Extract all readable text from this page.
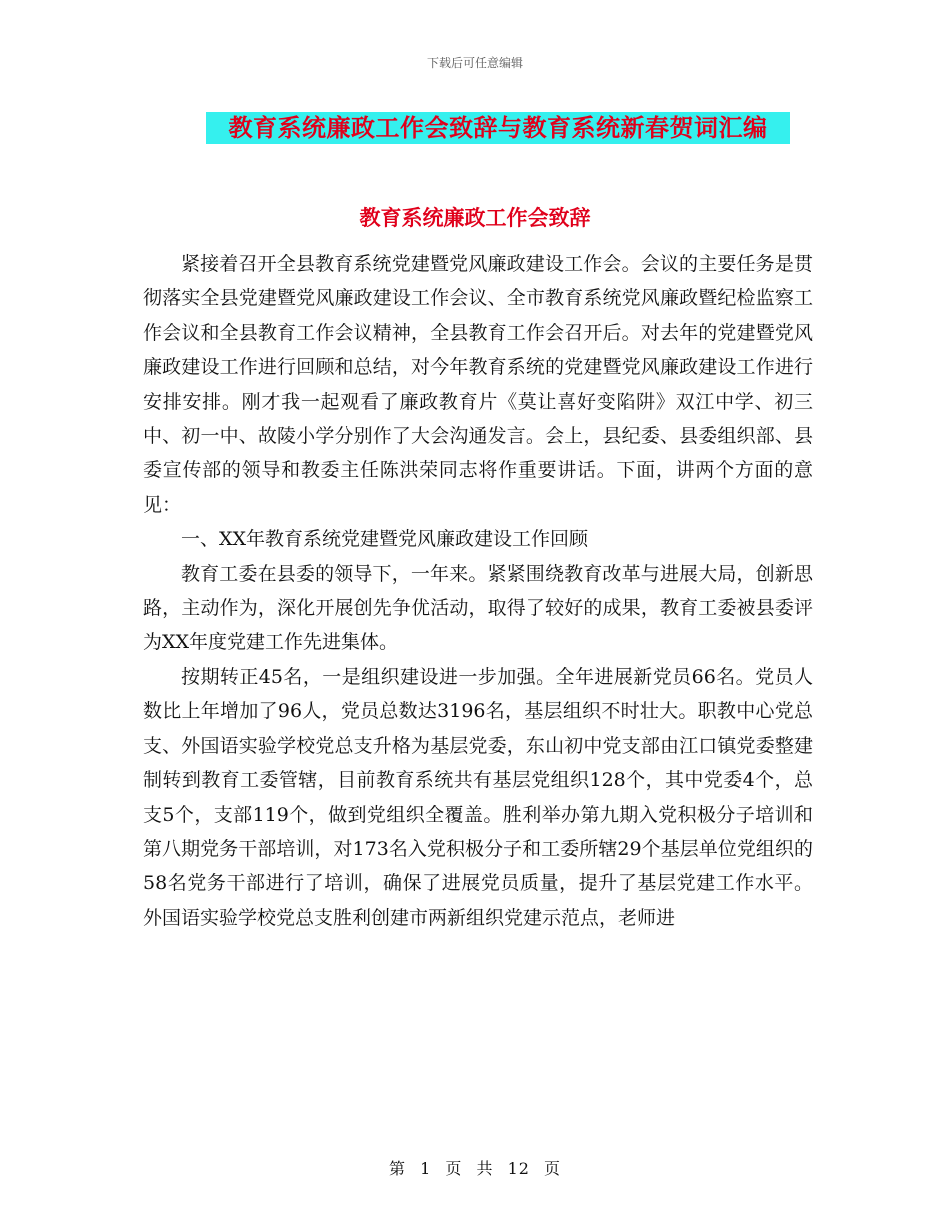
下载后可任意编辑
教育系统廉政工作会致辞与教育系统新春贺词汇编
教育系统廉政工作会致辞

紧接着召开全县教育系统党建暨党风廉政建设工作会。会议的主要任务是贯彻落实全县党建暨党风廉政建设工作会议、全市教育系统党风廉政暨纪检监察工作会议和全县教育工作会议精神，全县教育工作会召开后。对去年的党建暨党风廉政建设工作进行回顾和总结，对今年教育系统的党建暨党风廉政建设工作进行安排安排。刚才我一起观看了廉政教育片《莫让喜好变陷阱》双江中学、初三中、初一中、故陵小学分别作了大会沟通发言。会上，县纪委、县委组织部、县委宣传部的领导和教委主任陈洪荣同志将作重要讲话。下面，讲两个方面的意见：

一、XX年教育系统党建暨党风廉政建设工作回顾

教育工委在县委的领导下，一年来。紧紧围绕教育改革与进展大局，创新思路，主动作为，深化开展创先争优活动，取得了较好的成果，教育工委被县委评为XX年度党建工作先进集体。

按期转正45名，一是组织建设进一步加强。全年进展新党员66名。党员人数比上年增加了96人，党员总数达3196名，基层组织不时壮大。职教中心党总支、外国语实验学校党总支升格为基层党委，东山初中党支部由江口镇党委整建制转到教育工委管辖，目前教育系统共有基层党组织128个，其中党委4个，总支5个，支部119个，做到党组织全覆盖。胜利举办第九期入党积极分子培训和第八期党务干部培训，对173名入党积极分子和工委所辖29个基层单位党组织的58名党务干部进行了培训，确保了进展党员质量，提升了基层党建工作水平。外国语实验学校党总支胜利创建市两新组织党建示范点，老师进

第 1 页 共 12 页
